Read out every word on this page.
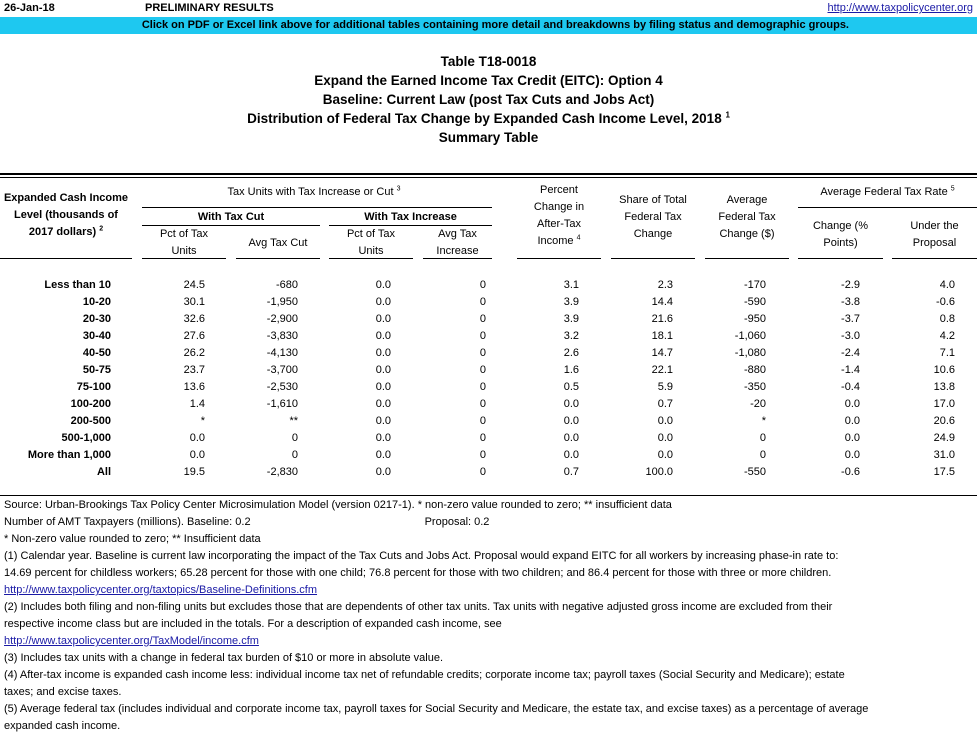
26-Jan-18	PRELIMINARY RESULTS	http://www.taxpolicycenter.org
Click on PDF or Excel link above for additional tables containing more detail and breakdowns by filing status and demographic groups.
Table T18-0018
Expand the Earned Income Tax Credit (EITC): Option 4
Baseline: Current Law (post Tax Cuts and Jobs Act)
Distribution of Federal Tax Change by Expanded Cash Income Level, 2018 $^1$
Summary Table
Expanded Cash Income
Level (thousands of
2017 dollars) $^2$
Tax Units with Tax Increase or Cut $^3$
With Tax Cut	With Tax Increase
Pct of Tax
Units
Avg Tax Cut
Pct of Tax
Units
Avg Tax
Increase
Percent
Change in
After-Tax
Income $^4$
Share of Total
Federal Tax
Change
Average
Federal Tax
Change ($)
Average Federal Tax Rate $^5$
Change (%
Points)
Under the
Proposal
Less than 10	24.5	-680	0.0	0	3.1	2.3	-170	-2.9	4.0
10-20	30.1	-1,950	0.0	0	3.9	14.4	-590	-3.8	-0.6
20-30	32.6	-2,900	0.0	0	3.9	21.6	-950	-3.7	0.8
30-40	27.6	-3,830	0.0	0	3.2	18.1	-1,060	-3.0	4.2
40-50	26.2	-4,130	0.0	0	2.6	14.7	-1,080	-2.4	7.1
50-75	23.7	-3,700	0.0	0	1.6	22.1	-880	-1.4	10.6
75-100	13.6	-2,530	0.0	0	0.5	5.9	-350	-0.4	13.8
100-200	1.4	-1,610	0.0	0	0.0	0.7	-20	0.0	17.0
200-500	*	**	0.0	0	0.0	0.0	*	0.0	20.6
500-1,000	0.0	0	0.0	0	0.0	0.0	0	0.0	24.9
More than 1,000	0.0	0	0.0	0	0.0	0.0	0	0.0	31.0
All	19.5	-2,830	0.0	0	0.7	100.0	-550	-0.6	17.5
Source: Urban-Brookings Tax Policy Center Microsimulation Model (version 0217-1). * non-zero value rounded to zero; ** insufficient data
Number of AMT Taxpayers (millions). Baseline: 0.2	Proposal: 0.2
* Non-zero value rounded to zero; ** Insufficient data
(1) Calendar year. Baseline is current law incorporating the impact of the Tax Cuts and Jobs Act. Proposal would expand EITC for all workers by increasing phase-in rate to:
14.69 percent for childless workers; 65.28 percent for those with one child; 76.8 percent for those with two children; and 86.4 percent for those with three or more children.
http://www.taxpolicycenter.org/taxtopics/Baseline-Definitions.cfm
(2) Includes both filing and non-filing units but excludes those that are dependents of other tax units. Tax units with negative adjusted gross income are excluded from their
respective income class but are included in the totals. For a description of expanded cash income, see
http://www.taxpolicycenter.org/TaxModel/income.cfm
(3) Includes tax units with a change in federal tax burden of $10 or more in absolute value.
(4) After-tax income is expanded cash income less: individual income tax net of refundable credits; corporate income tax; payroll taxes (Social Security and Medicare); estate
taxes; and excise taxes.
(5) Average federal tax (includes individual and corporate income tax, payroll taxes for Social Security and Medicare, the estate tax, and excise taxes) as a percentage of average
expanded cash income.
